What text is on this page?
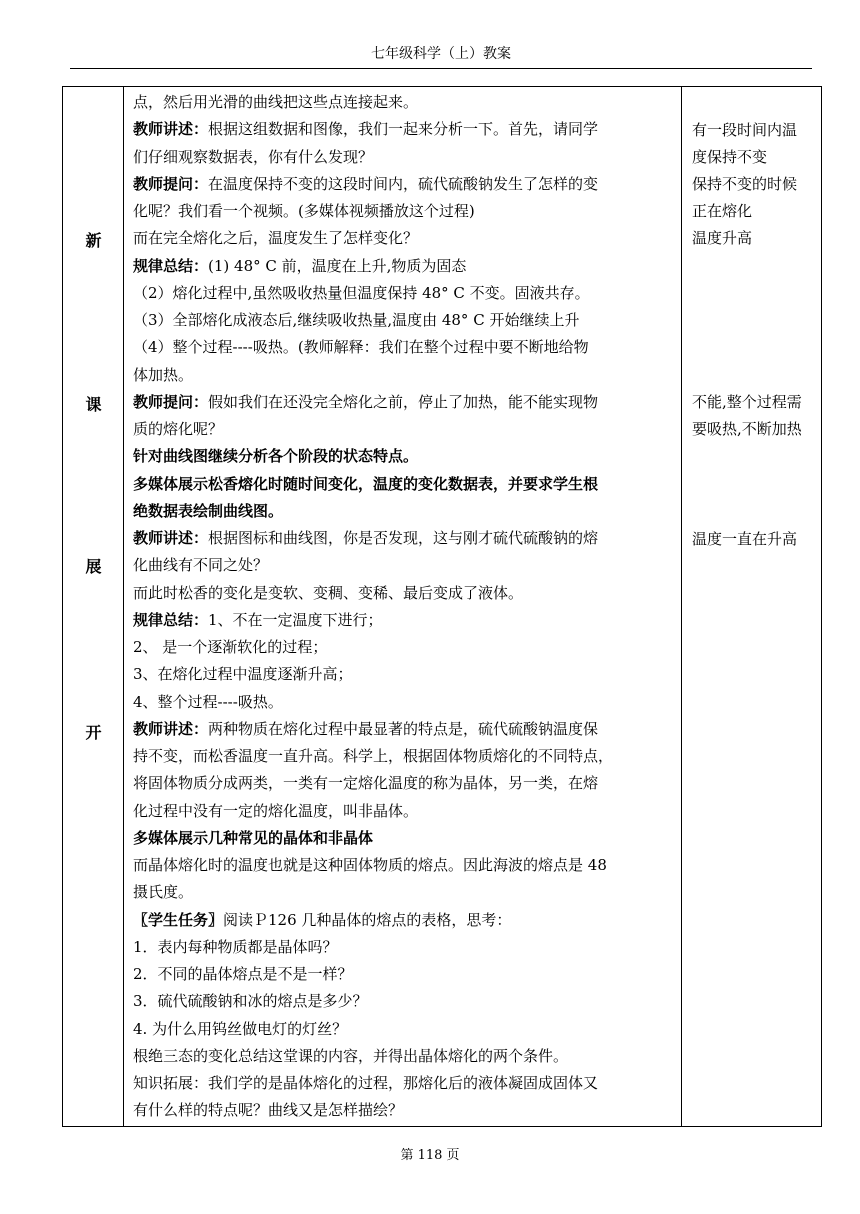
七年级科学（上）教案
新
课
展
开
点，然后用光滑的曲线把这些点连接起来。
教师讲述：根据这组数据和图像，我们一起来分析一下。首先，请同学
们仔细观察数据表，你有什么发现？
教师提问：在温度保持不变的这段时间内，硫代硫酸钠发生了怎样的变
化呢？我们看一个视频。(多媒体视频播放这个过程)
而在完全熔化之后，温度发生了怎样变化？
规律总结：(1) 48° C 前，温度在上升,物质为固态
（2）熔化过程中,虽然吸收热量但温度保持 48° C 不变。固液共存。
（3）全部熔化成液态后,继续吸收热量,温度由 48° C 开始继续上升
（4）整个过程----吸热。(教师解释：我们在整个过程中要不断地给物
体加热。
教师提问：假如我们在还没完全熔化之前，停止了加热，能不能实现物
质的熔化呢？
针对曲线图继续分析各个阶段的状态特点。
多媒体展示松香熔化时随时间变化，温度的变化数据表，并要求学生根
绝数据表绘制曲线图。
教师讲述：根据图标和曲线图，你是否发现，这与刚才硫代硫酸钠的熔
化曲线有不同之处？
而此时松香的变化是变软、变稠、变稀、最后变成了液体。
规律总结：1、不在一定温度下进行；
2、 是一个逐渐软化的过程；
3、在熔化过程中温度逐渐升高；
4、整个过程----吸热。
教师讲述：两种物质在熔化过程中最显著的特点是，硫代硫酸钠温度保
持不变，而松香温度一直升高。科学上，根据固体物质熔化的不同特点，
将固体物质分成两类，一类有一定熔化温度的称为晶体，另一类，在熔
化过程中没有一定的熔化温度，叫非晶体。
多媒体展示几种常见的晶体和非晶体
而晶体熔化时的温度也就是这种固体物质的熔点。因此海波的熔点是 48
摄氏度。
〖学生任务〗阅读Ｐ126 几种晶体的熔点的表格，思考：
1．表内每种物质都是晶体吗？
2．不同的晶体熔点是不是一样？
3．硫代硫酸钠和冰的熔点是多少？
4. 为什么用钨丝做电灯的灯丝？
根绝三态的变化总结这堂课的内容，并得出晶体熔化的两个条件。
知识拓展：我们学的是晶体熔化的过程，那熔化后的液体凝固成固体又
有什么样的特点呢？曲线又是怎样描绘？
有一段时间内温
度保持不变
保持不变的时候
正在熔化
温度升高
不能,整个过程需
要吸热,不断加热
温度一直在升高
第 118 页
